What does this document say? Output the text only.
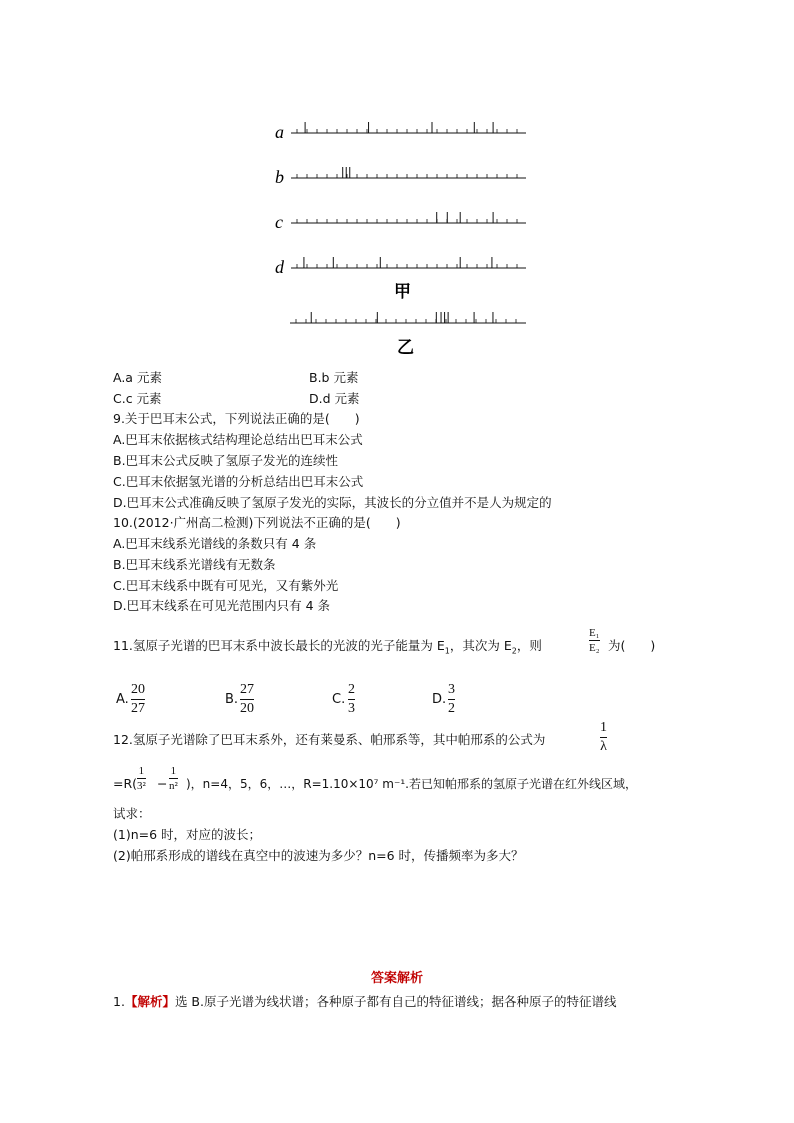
a
b
c
d
甲
乙
A.a 元素	B.b 元素
C.c 元素	D.d 元素
9.关于巴耳末公式，下列说法正确的是(　　)
A.巴耳末依据核式结构理论总结出巴耳末公式
B.巴耳末公式反映了氢原子发光的连续性
C.巴耳末依据氢光谱的分析总结出巴耳末公式
D.巴耳末公式准确反映了氢原子发光的实际，其波长的分立值并不是人为规定的
10.(2012·广州高二检测)下列说法不正确的是(　　)
A.巴耳末线系光谱线的条数只有 4 条
B.巴耳末线系光谱线有无数条
C.巴耳末线系中既有可见光，又有紫外光
D.巴耳末线系在可见光范围内只有 4 条
11.氢原子光谱的巴耳末系中波长最长的光波的光子能量为 $E_1$，其次为 $E_2$，则
E₁
E₂ 为(　　)
A.
20
27
B.
27
20
C.
2
3
D.
3
2
12.氢原子光谱除了巴耳末系外，还有莱曼系、帕邢系等，其中帕邢系的公式为
1
λ
=R(
1
3² −
1
n² )，n=4，5，6，…，R=1.10×10⁷ m⁻¹.若已知帕邢系的氢原子光谱在红外线区域，
试求：
(1)n=6 时，对应的波长；
(2)帕邢系形成的谱线在真空中的波速为多少？n=6 时，传播频率为多大？
答案解析
1.【解析】选 B.原子光谱为线状谱；各种原子都有自己的特征谱线；据各种原子的特征谱线
